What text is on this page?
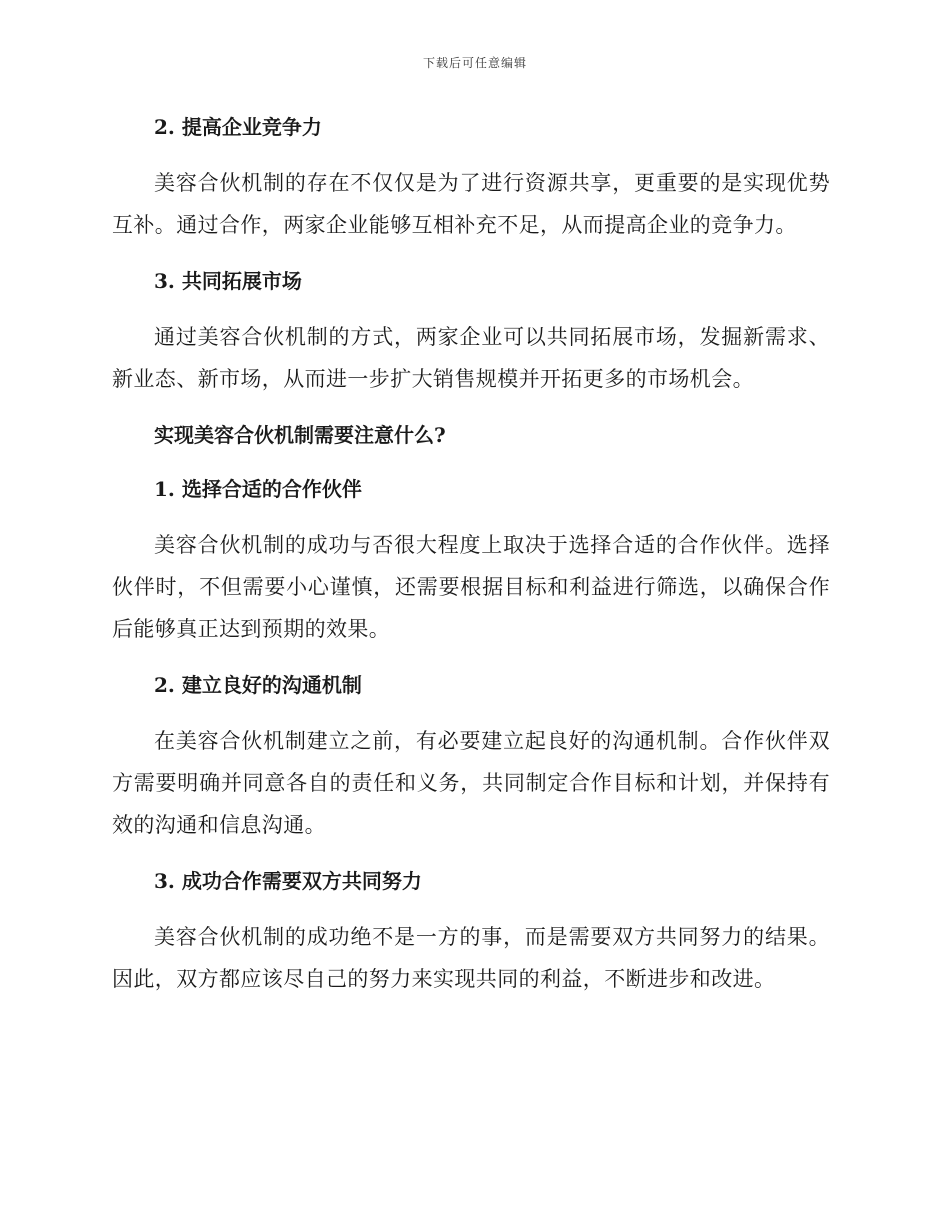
下载后可任意编辑
2. 提高企业竞争力

美容合伙机制的存在不仅仅是为了进行资源共享，更重要的是实现优势互补。通过合作，两家企业能够互相补充不足，从而提高企业的竞争力。

3. 共同拓展市场

通过美容合伙机制的方式，两家企业可以共同拓展市场，发掘新需求、新业态、新市场，从而进一步扩大销售规模并开拓更多的市场机会。

实现美容合伙机制需要注意什么?
1. 选择合适的合作伙伴

美容合伙机制的成功与否很大程度上取决于选择合适的合作伙伴。选择伙伴时，不但需要小心谨慎，还需要根据目标和利益进行筛选，以确保合作后能够真正达到预期的效果。

2. 建立良好的沟通机制

在美容合伙机制建立之前，有必要建立起良好的沟通机制。合作伙伴双方需要明确并同意各自的责任和义务，共同制定合作目标和计划，并保持有效的沟通和信息沟通。

3. 成功合作需要双方共同努力

美容合伙机制的成功绝不是一方的事，而是需要双方共同努力的结果。因此，双方都应该尽自己的努力来实现共同的利益，不断进步和改进。
